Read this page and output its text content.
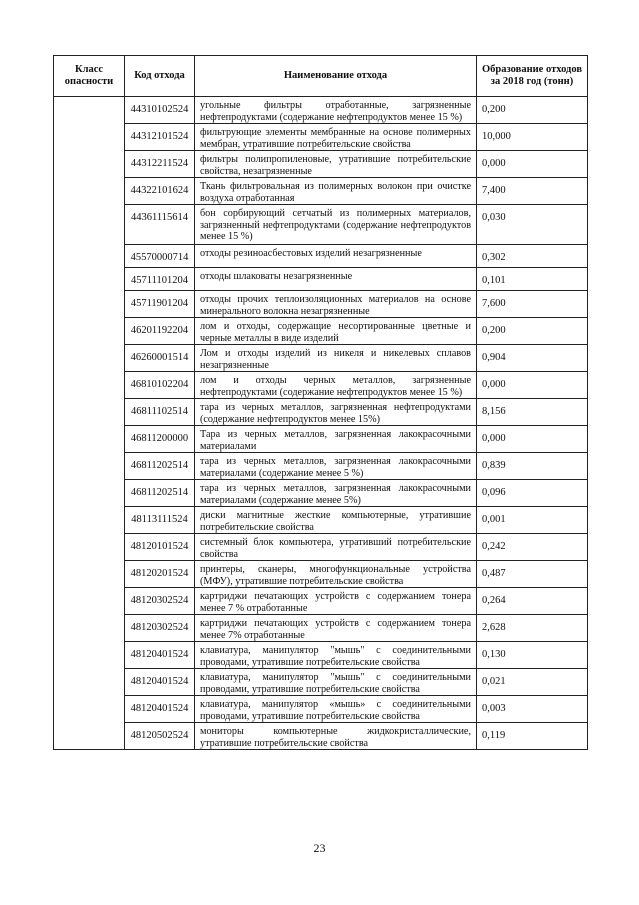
Класс опасности	Код отхода	Наименование отхода	Образование отходов за 2018 год (тонн)
	44310102524	угольные фильтры отработанные, загрязненные нефтепродуктами (содержание нефтепродуктов менее 15 %)	0,200
	44312101524	фильтрующие элементы мембранные на основе полимерных мембран, утратившие потребительские свойства	10,000
	44312211524	фильтры полипропиленовые, утратившие потребительские свойства, незагрязненные	0,000
	44322101624	Ткань фильтровальная из полимерных волокон при очистке воздуха отработанная	7,400
	44361115614	бон сорбирующий сетчатый из полимерных материалов, загрязненный нефтепродуктами (содержание нефтепродуктов менее 15 %)	0,030
	45570000714	отходы резиноасбестовых изделий незагрязненные	0,302
	45711101204	отходы шлаковаты незагрязненные	0,101
	45711901204	отходы прочих теплоизоляционных материалов на основе минерального волокна незагрязненные	7,600
	46201192204	лом и отходы, содержащие несортированные цветные и черные металлы в виде изделий	0,200
	46260001514	Лом и отходы изделий из никеля и никелевых сплавов незагрязненные	0,904
	46810102204	лом и отходы черных металлов, загрязненные нефтепродуктами (содержание нефтепродуктов менее 15 %)	0,000
	46811102514	тара из черных металлов, загрязненная нефтепродуктами (содержание нефтепродуктов менее 15%)	8,156
	46811200000	Тара из черных металлов, загрязненная лакокрасочными материалами	0,000
	46811202514	тара из черных металлов, загрязненная лакокрасочными материалами (содержание менее 5 %)	0,839
	46811202514	тара из черных металлов, загрязненная лакокрасочными материалами (содержание менее 5%)	0,096
	48113111524	диски магнитные жесткие компьютерные, утратившие потребительские свойства	0,001
	48120101524	системный блок компьютера, утративший потребительские свойства	0,242
	48120201524	принтеры, сканеры, многофункциональные устройства (МФУ), утратившие потребительские свойства	0,487
	48120302524	картриджи печатающих устройств с содержанием тонера менее 7 % отработанные	0,264
	48120302524	картриджи печатающих устройств с содержанием тонера менее 7% отработанные	2,628
	48120401524	клавиатура, манипулятор "мышь" с соединительными проводами, утратившие потребительские свойства	0,130
	48120401524	клавиатура, манипулятор "мышь" с соединительными проводами, утратившие потребительские свойства	0,021
	48120401524	клавиатура, манипулятор «мышь» с соединительными проводами, утратившие потребительские свойства	0,003
	48120502524	мониторы компьютерные жидкокристаллические, утратившие потребительские свойства	0,119
23
